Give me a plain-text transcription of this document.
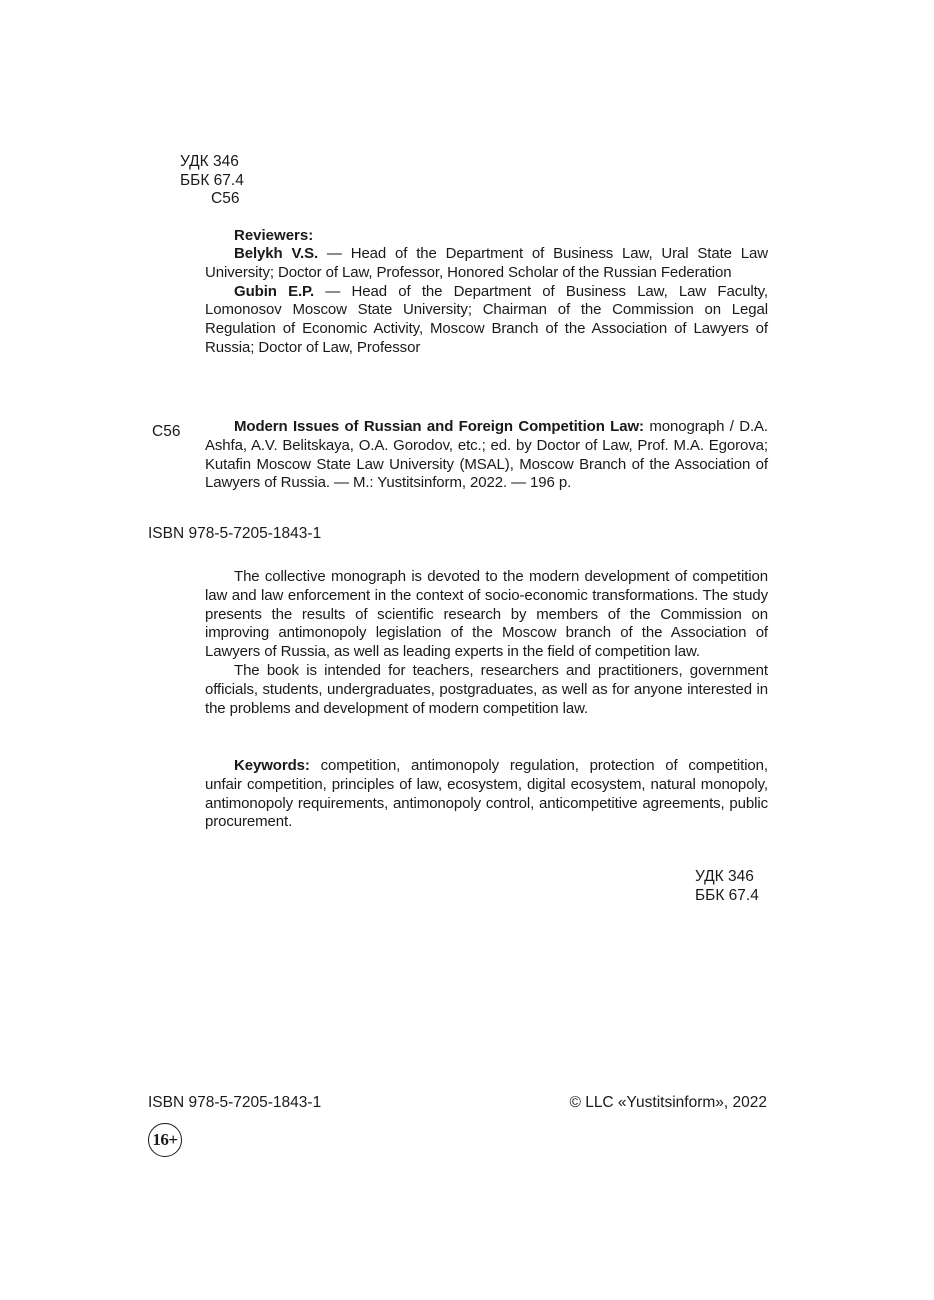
УДК 346
ББК 67.4
С56
Reviewers:

Belykh V.S. — Head of the Department of Business Law, Ural State Law University; Doctor of Law, Professor, Honored Scholar of the Russian Federation

Gubin E.P. — Head of the Department of Business Law, Law Faculty, Lomonosov Moscow State University; Chairman of the Commission on Legal Regulation of Economic Activity, Moscow Branch of the Association of Lawyers of Russia; Doctor of Law, Professor

С56	Modern Issues of Russian and Foreign Competition Law: monograph / D.A. Ashfa, A.V. Belitskaya, O.A. Gorodov, etc.; ed. by Doctor of Law, Prof. M.A. Egorova; Kutafin Moscow State Law University (MSAL), Moscow Branch of the Association of Lawyers of Russia. — M.: Yustitsinform, 2022. — 196 p.

ISBN 978-5-7205-1843-1

The collective monograph is devoted to the modern development of competition law and law enforcement in the context of socio-economic transformations. The study presents the results of scientific research by members of the Commission on improving antimonopoly legislation of the Moscow branch of the Association of Lawyers of Russia, as well as leading experts in the field of competition law.

The book is intended for teachers, researchers and practitioners, government officials, students, undergraduates, postgraduates, as well as for anyone interested in the problems and development of modern competition law.

Keywords: competition, antimonopoly regulation, protection of competition, unfair competition, principles of law, ecosystem, digital ecosystem, natural monopoly, antimonopoly requirements, antimonopoly control, anticompetitive agreements, public procurement.

УДК 346
ББК 67.4
ISBN 978-5-7205-1843-1	© LLC «Yustitsinform», 2022
16+
